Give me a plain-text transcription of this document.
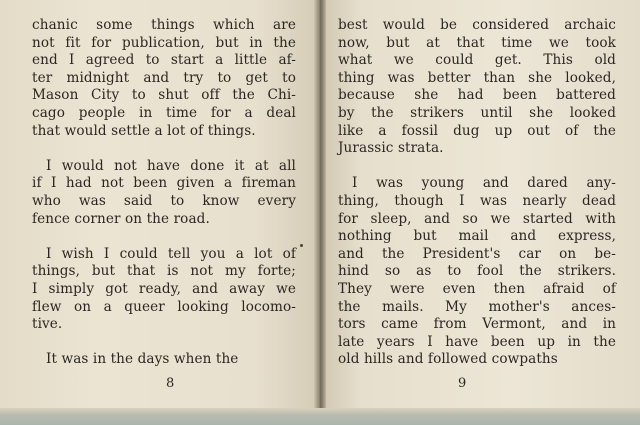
chanic some things which are
not fit for publication, but in the
end I agreed to start a little af-
ter midnight and try to get to
Mason City to shut off the Chi-
cago people in time for a deal
that would settle a lot of things.
I would not have done it at all
if I had not been given a fireman
who was said to know every
fence corner on the road.
I wish I could tell you a lot of
things, but that is not my forte;
I simply got ready, and away we
flew on a queer looking locomo-
tive.
It was in the days when the
8
best would be considered archaic
now, but at that time we took
what we could get. This old
thing was better than she looked,
because she had been battered
by the strikers until she looked
like a fossil dug up out of the
Jurassic strata.
I was young and dared any-
thing, though I was nearly dead
for sleep, and so we started with
nothing but mail and express,
and the President's car on be-
hind so as to fool the strikers.
They were even then afraid of
the mails. My mother's ances-
tors came from Vermont, and in
late years I have been up in the
old hills and followed cowpaths
9
